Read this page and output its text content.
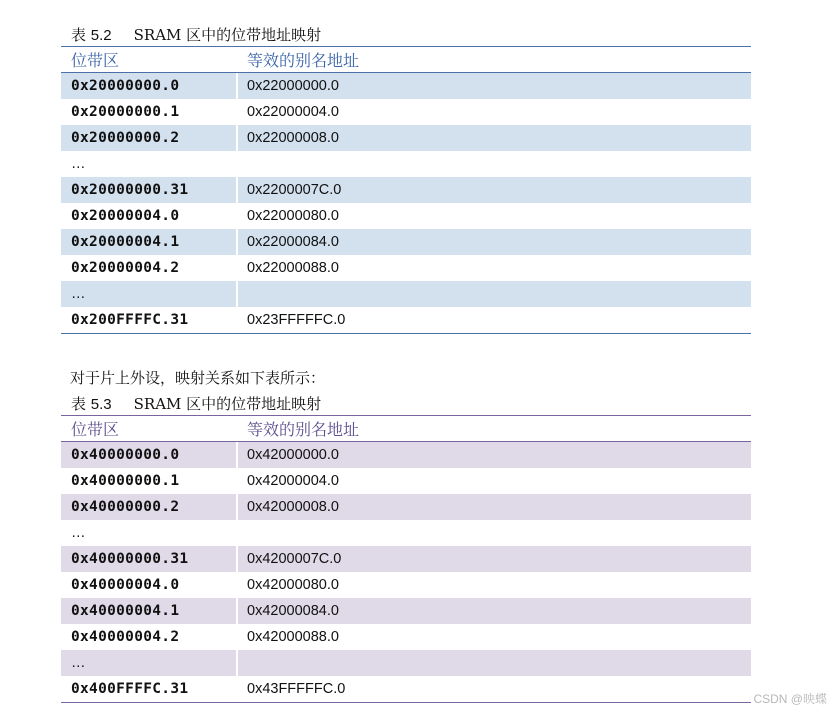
表 5.2 SRAM 区中的位带地址映射
位带区	等效的别名地址
0x20000000.0	0x22000000.0
0x20000000.1	0x22000004.0
0x20000000.2	0x22000008.0
…
0x20000000.31	0x2200007C.0
0x20000004.0	0x22000080.0
0x20000004.1	0x22000084.0
0x20000004.2	0x22000088.0
…
0x200FFFFC.31	0x23FFFFFC.0
对于片上外设，映射关系如下表所示：
表 5.3 SRAM 区中的位带地址映射
位带区	等效的别名地址
0x40000000.0	0x42000000.0
0x40000000.1	0x42000004.0
0x40000000.2	0x42000008.0
…
0x40000000.31	0x4200007C.0
0x40000004.0	0x42000080.0
0x40000004.1	0x42000084.0
0x40000004.2	0x42000088.0
…
0x400FFFFC.31	0x43FFFFFC.0
CSDN @映蝶
